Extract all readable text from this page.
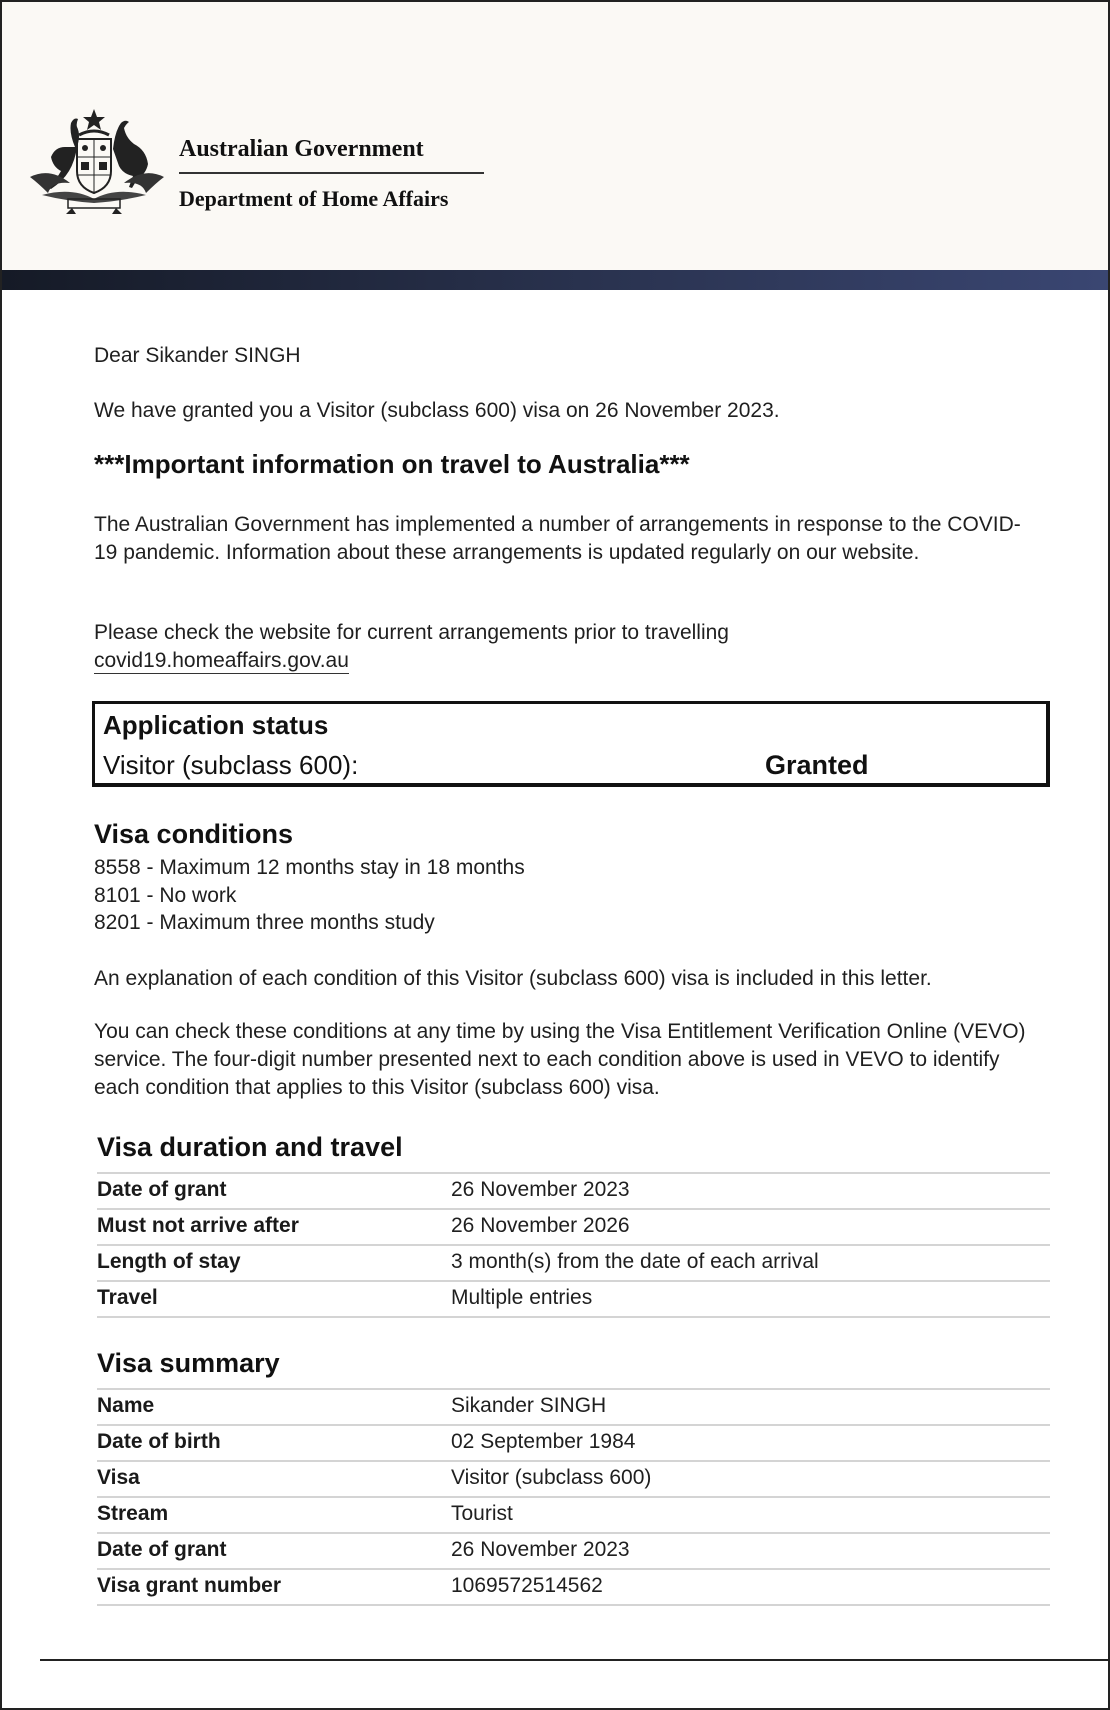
Australian Government
Department of Home Affairs
Dear Sikander SINGH
We have granted you a Visitor (subclass 600) visa on 26 November 2023.
***Important information on travel to Australia***
The Australian Government has implemented a number of arrangements in response to the COVID-19 pandemic. Information about these arrangements is updated regularly on our website.
Please check the website for current arrangements prior to travelling
covid19.homeaffairs.gov.au
Application status
Visitor (subclass 600):	Granted
Visa conditions
8558 - Maximum 12 months stay in 18 months
8101 - No work
8201 - Maximum three months study
An explanation of each condition of this Visitor (subclass 600) visa is included in this letter.
You can check these conditions at any time by using the Visa Entitlement Verification Online (VEVO) service. The four-digit number presented next to each condition above is used in VEVO to identify each condition that applies to this Visitor (subclass 600) visa.
Visa duration and travel
Date of grant	26 November 2023
Must not arrive after	26 November 2026
Length of stay	3 month(s) from the date of each arrival
Travel	Multiple entries
Visa summary
Name	Sikander SINGH
Date of birth	02 September 1984
Visa	Visitor (subclass 600)
Stream	Tourist
Date of grant	26 November 2023
Visa grant number	1069572514562
